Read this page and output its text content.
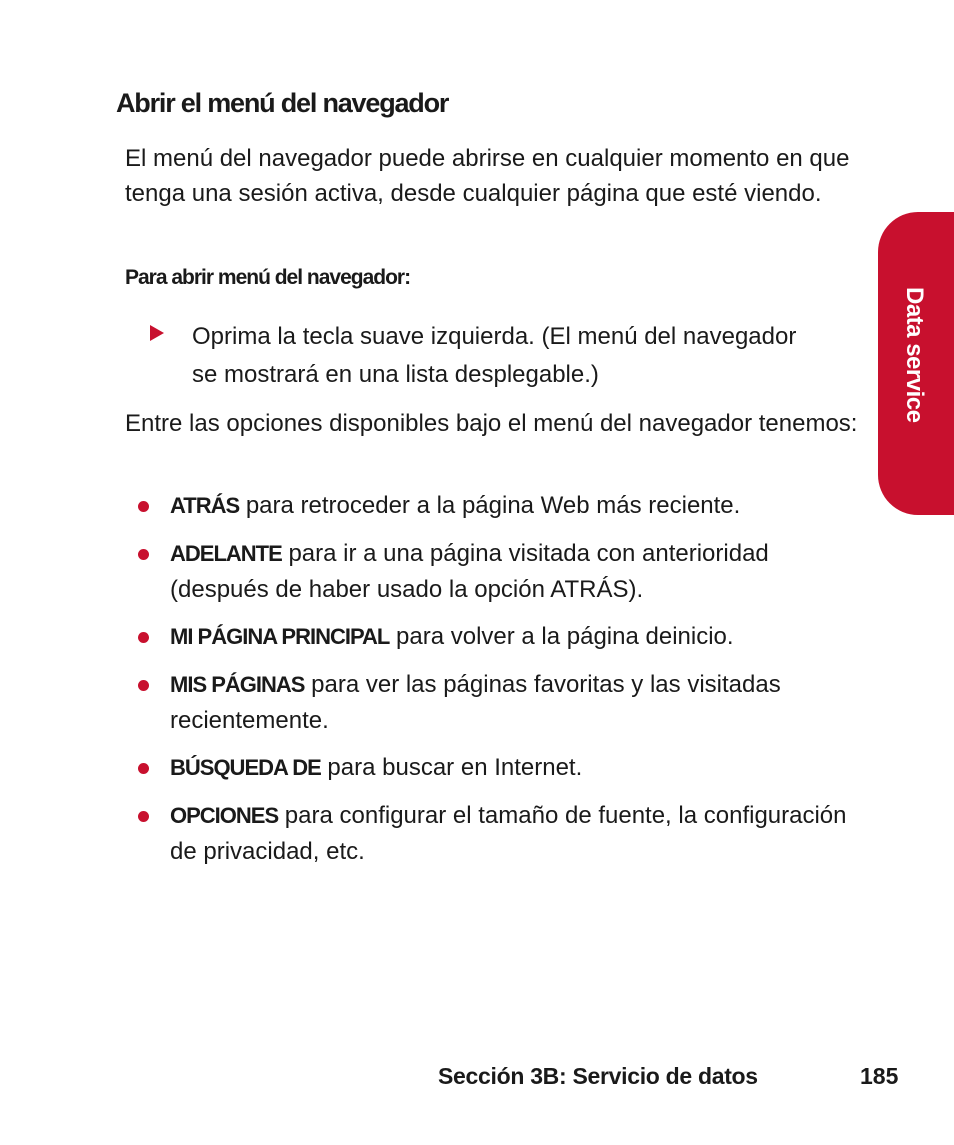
Abrir el menú del navegador

El menú del navegador puede abrirse en cualquier momento en que tenga una sesión activa, desde cualquier página que esté viendo.

Para abrir menú del navegador:
Oprima la tecla suave izquierda. (El menú del navegador se mostrará en una lista desplegable.)

Entre las opciones disponibles bajo el menú del navegador tenemos:

ATRÁS para retroceder a la página Web más reciente.
ADELANTE para ir a una página visitada con anterioridad (después de haber usado la opción ATRÁS).
MI PÁGINA PRINCIPAL para volver a la página deinicio.
MIS PÁGINAS para ver las páginas favoritas y las visitadas recientemente.
BÚSQUEDA DE para buscar en Internet.
OPCIONES para configurar el tamaño de fuente, la configuración de privacidad, etc.
Data service
Sección 3B: Servicio de datos	185
